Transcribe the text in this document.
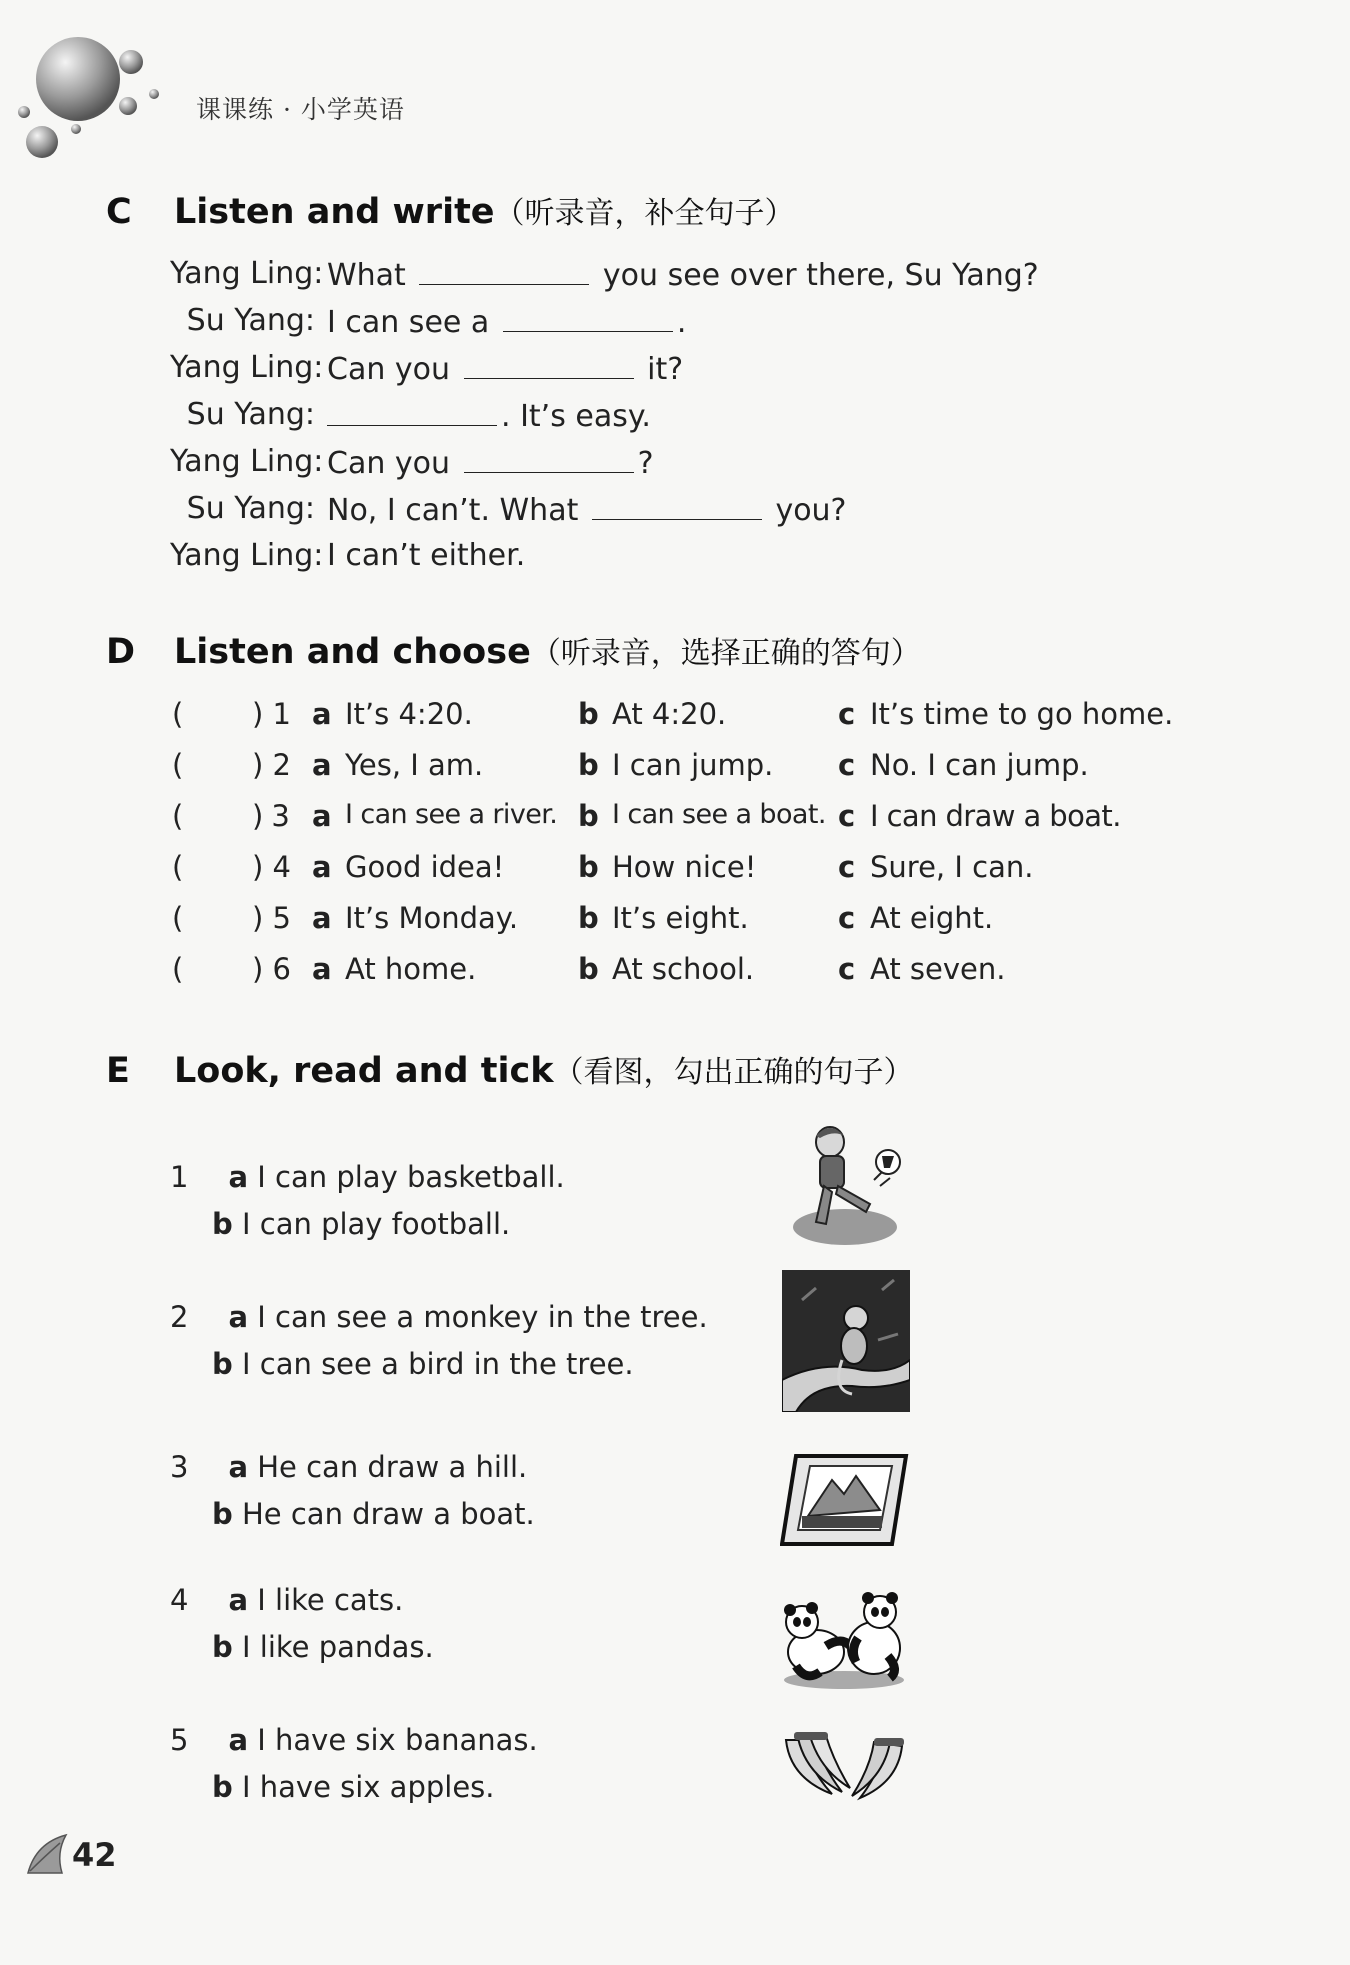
课课练 · 小学英语
C Listen and write（听录音，补全句子）
Yang Ling: What	you see over there, Su Yang?
Su Yang: I can see a	.
Yang Ling: Can you	it?
Su Yang:	. It’s easy.
Yang Ling: Can you	?
Su Yang: No, I can’t. What	you?
Yang Ling: I can’t either.
D Listen and choose（听录音，选择正确的答句）
( ) 1 a It’s 4:20.	b At 4:20.	c It’s time to go home.
( ) 2 a Yes, I am.	b I can jump. c No. I can jump.
( ) 3 a I can see a river. b I can see a boat. c I can draw a boat.
( ) 4 a Good idea!	b How nice!	c Sure, I can.
( ) 5 a It’s Monday. b It’s eight.	c At eight.
( ) 6 a At home.	b At school.	c At seven.
E Look, read and tick（看图，勾出正确的句子）
1 a I can play basketball.
b I can play football.
2 a I can see a monkey in the tree.
b I can see a bird in the tree.
3 a He can draw a hill.
b He can draw a boat.
4 a I like cats.
b I like pandas.
5 a I have six bananas.
b I have six apples.
42
